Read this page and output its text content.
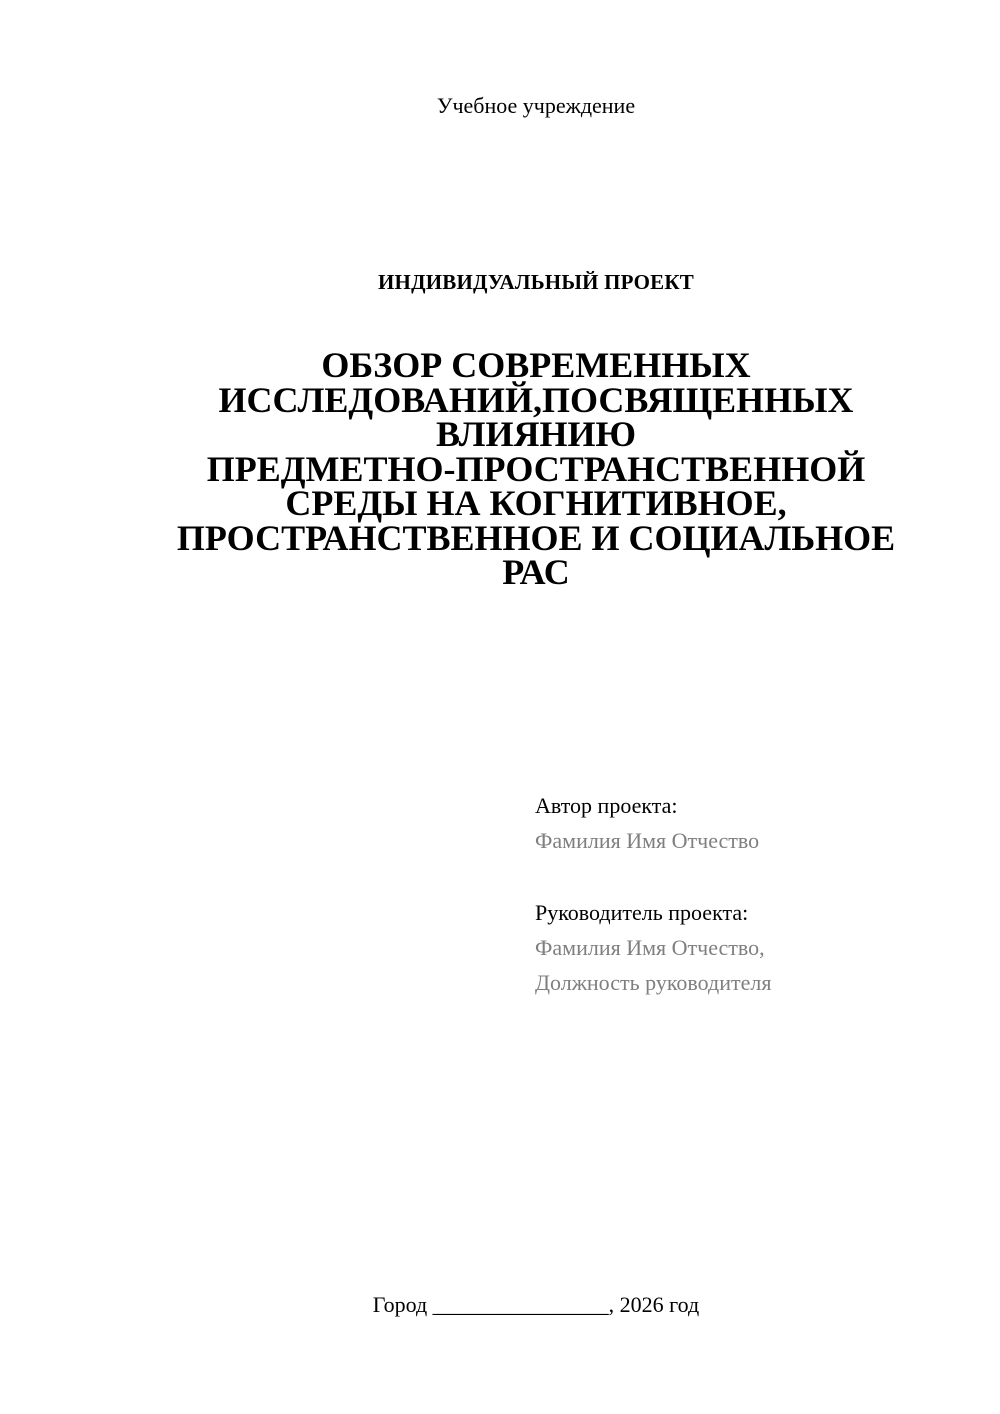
Учебное учреждение
ИНДИВИДУАЛЬНЫЙ ПРОЕКТ
ОБЗОР СОВРЕМЕННЫХ
ИССЛЕДОВАНИЙ,ПОСВЯЩЕННЫХ
ВЛИЯНИЮ
ПРЕДМЕТНО-ПРОСТРАНСТВЕННОЙ
СРЕДЫ НА КОГНИТИВНОЕ,
ПРОСТРАНСТВЕННОЕ И СОЦИАЛЬНОЕ
РАС
Автор проекта:
Фамилия Имя Отчество
Руководитель проекта:
Фамилия Имя Отчество,
Должность руководителя
Город ________________, 2026 год
